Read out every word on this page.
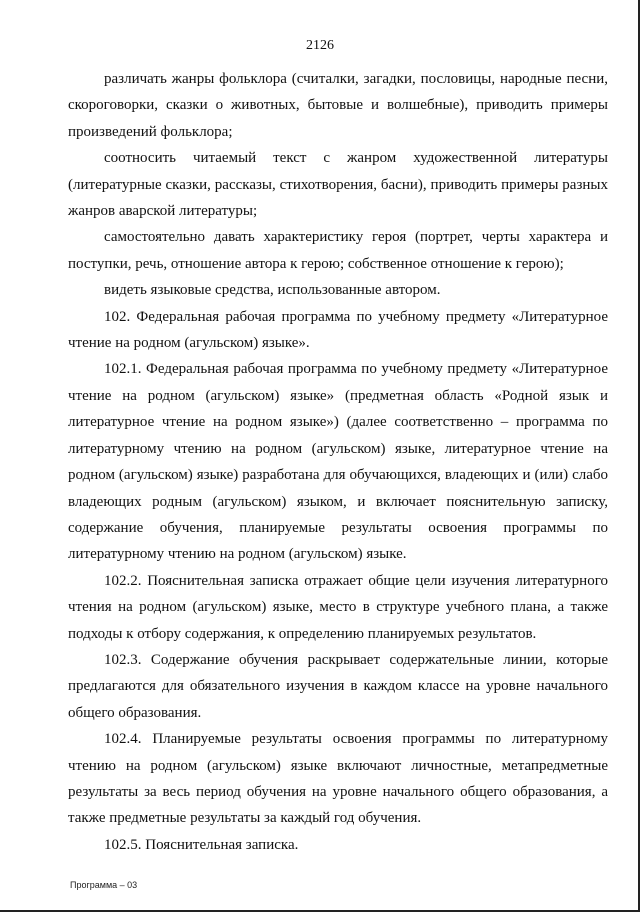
2126

различать жанры фольклора (считалки, загадки, пословицы, народные песни, скороговорки, сказки о животных, бытовые и волшебные), приводить примеры произведений фольклора;

соотносить читаемый текст с жанром художественной литературы (литературные сказки, рассказы, стихотворения, басни), приводить примеры разных жанров аварской литературы;

самостоятельно давать характеристику героя (портрет, черты характера и поступки, речь, отношение автора к герою; собственное отношение к герою);

видеть языковые средства, использованные автором.

102. Федеральная рабочая программа по учебному предмету «Литературное чтение на родном (агульском) языке».

102.1. Федеральная рабочая программа по учебному предмету «Литературное чтение на родном (агульском) языке» (предметная область «Родной язык и литературное чтение на родном языке») (далее соответственно – программа по литературному чтению на родном (агульском) языке, литературное чтение на родном (агульском) языке) разработана для обучающихся, владеющих и (или) слабо владеющих родным (агульском) языком, и включает пояснительную записку, содержание обучения, планируемые результаты освоения программы по литературному чтению на родном (агульском) языке.

102.2. Пояснительная записка отражает общие цели изучения литературного чтения на родном (агульском) языке, место в структуре учебного плана, а также подходы к отбору содержания, к определению планируемых результатов.

102.3. Содержание обучения раскрывает содержательные линии, которые предлагаются для обязательного изучения в каждом классе на уровне начального общего образования.

102.4. Планируемые результаты освоения программы по литературному чтению на родном (агульском) языке включают личностные, метапредметные результаты за весь период обучения на уровне начального общего образования, а также предметные результаты за каждый год обучения.

102.5. Пояснительная записка.

Программа – 03
